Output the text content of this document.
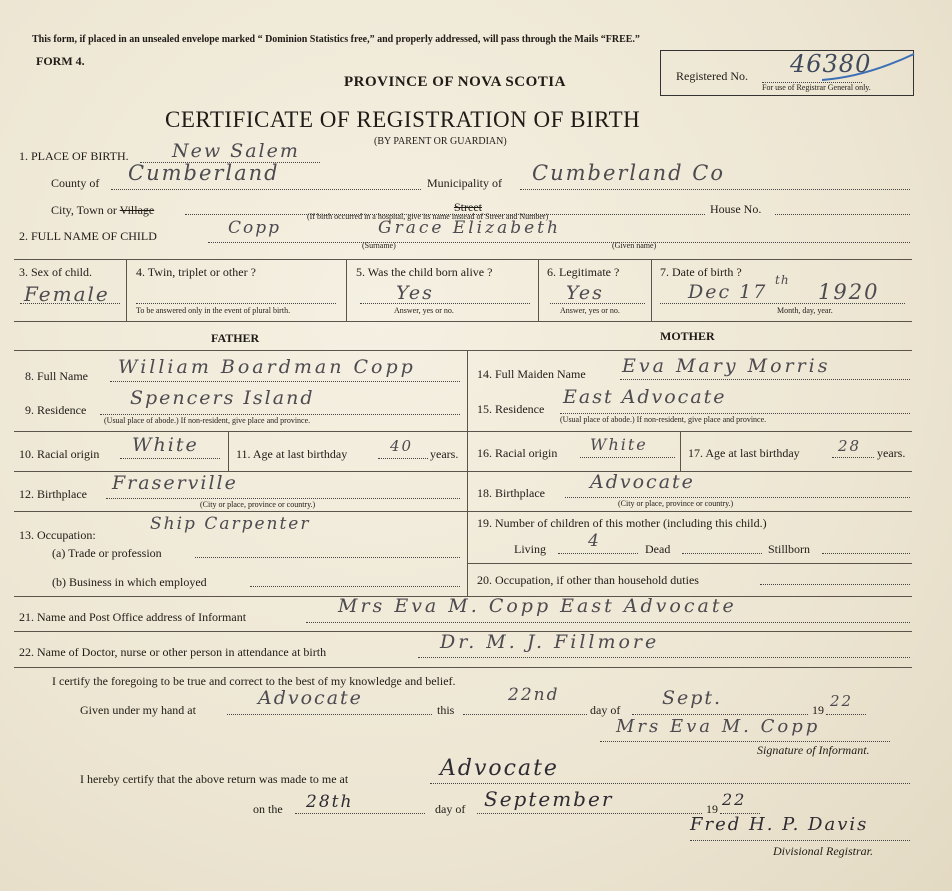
This form, if placed in an unsealed envelope marked “ Dominion Statistics free,” and properly addressed, will pass through the Mails “FREE.”
FORM 4.
PROVINCE OF NOVA SCOTIA
CERTIFICATE OF REGISTRATION OF BIRTH
(BY PARENT OR GUARDIAN)
Registered No. 46380
For use of Registrar General only.
1. PLACE OF BIRTH. New Salem
County of Cumberland	Municipality of Cumberland Co
City, Town or Village	Street	House No.
(If birth occurred in a hospital, give its name instead of Street and Number)
2. FULL NAME OF CHILD	Copp	Grace Elizabeth
(Surname)	(Given name)
3. Sex of child.
Female
4. Twin, triplet or other ?
To be answered only in the event of plural birth.
5. Was the child born alive ?
Yes
Answer, yes or no.
6. Legitimate ?
Yes
Answer, yes or no.
7. Date of birth ?
Dec 17
th 1920
Month, day, year.
FATHER	MOTHER
8. Full Name William Boardman Copp	14. Full Maiden Name Eva Mary Morris
9. Residence
Spencers Island
(Usual place of abode.) If non-resident, give place and province.
15. Residence
East Advocate
(Usual place of abode.) If non-resident, give place and province.
10. Racial origin White	11. Age at last birthday	40 years. 16. Racial origin White	17. Age at last birthday	28 years.
12. Birthplace Fraserville
(City or place, province or country.)
18. Birthplace Advocate
(City or place, province or country.)
13. Occupation:
Ship Carpenter
(a) Trade or profession
(b) Business in which employed
19. Number of children of this mother (including this child.)
Living 4	Dead	Stillborn
20. Occupation, if other than household duties
21. Name and Post Office address of Informant	Mrs Eva M. Copp East Advocate
22. Name of Doctor, nurse or other person in attendance at birth	Dr. M. J. Fillmore
I certify the foregoing to be true and correct to the best of my knowledge and belief.
Given under my hand at
Advocate
this
22nd
day of
Sept.
19 22
Mrs Eva M. Copp
Signature of Informant.
I hereby certify that the above return was made to me at	Advocate
on the 28th	day of September	19 22
Fred H. P. Davis
Divisional Registrar.
